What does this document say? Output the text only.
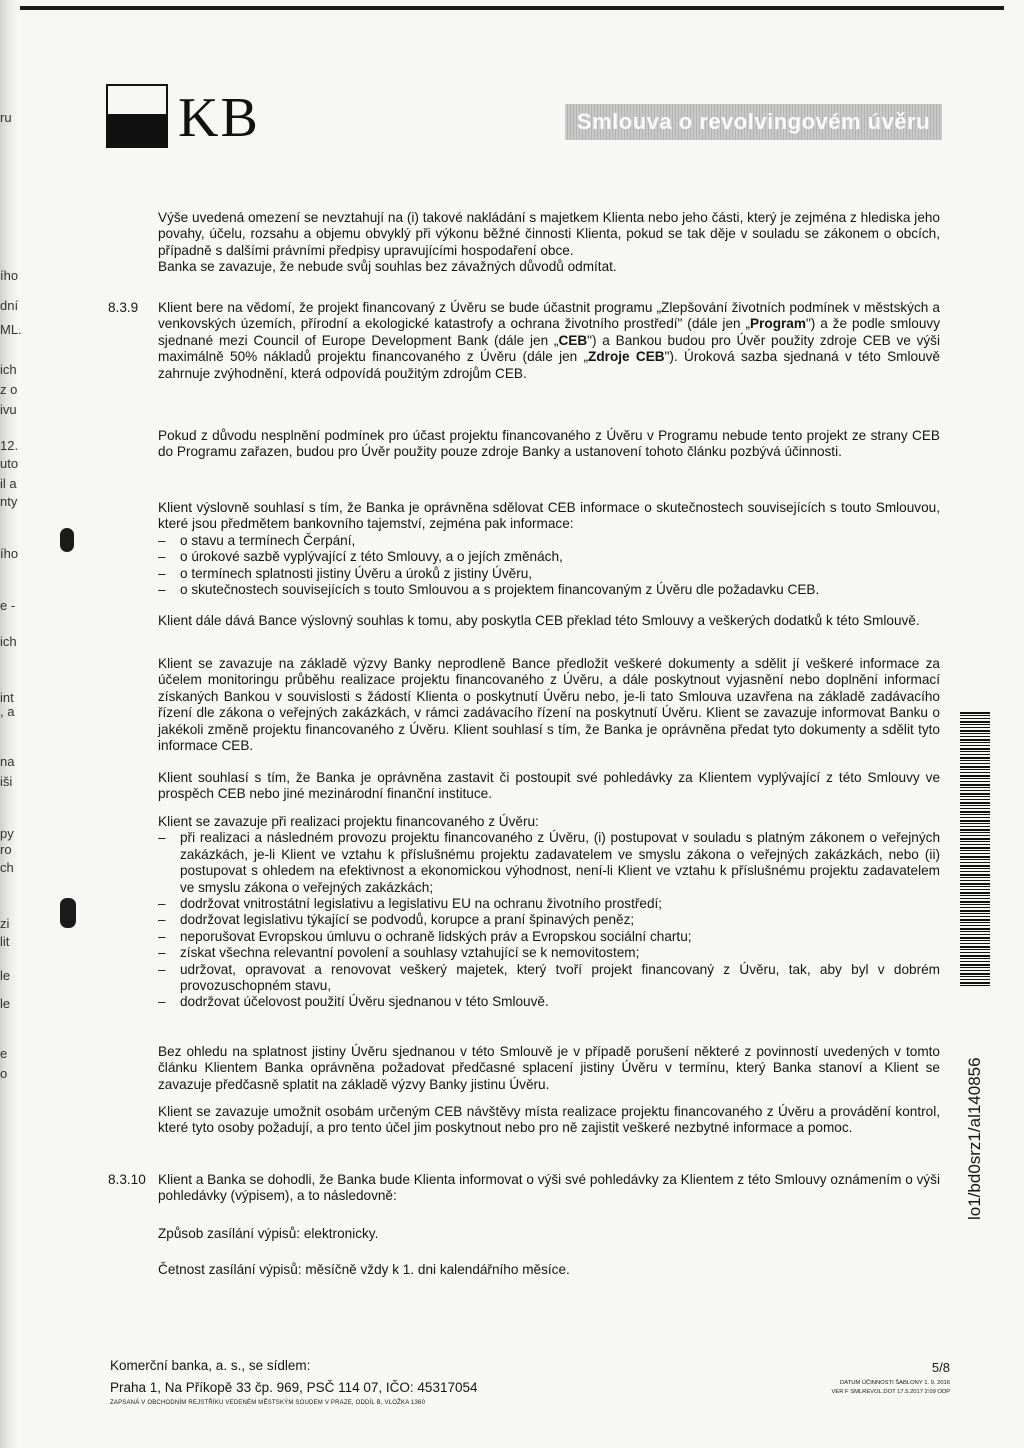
ru
ího
dní
ML.
ich
z o
ivu
12.
uto
il a
nty
ího
e -
ich
int
, a
na
iši
py
ro
ch
zi
lit
le
le
e
o
KB	Smlouva o revolvingovém úvěru
Výše uvedená omezení se nevztahují na (i) takové nakládání s majetkem Klienta nebo jeho části, který je zejména z hlediska jeho povahy, účelu, rozsahu a objemu obvyklý při výkonu běžné činnosti Klienta, pokud se tak děje v souladu se zákonem o obcích, případně s dalšími právními předpisy upravujícími hospodaření obce.
Banka se zavazuje, že nebude svůj souhlas bez závažných důvodů odmítat.
8.3.9 Klient bere na vědomí, že projekt financovaný z Úvěru se bude účastnit programu „Zlepšování životních podmínek v městských a venkovských územích, přírodní a ekologické katastrofy a ochrana životního prostředí" (dále jen „Program") a že podle smlouvy sjednané mezi Council of Europe Development Bank (dále jen „CEB") a Bankou budou pro Úvěr použity zdroje CEB ve výši maximálně 50% nákladů projektu financovaného z Úvěru (dále jen „Zdroje CEB"). Úroková sazba sjednaná v této Smlouvě zahrnuje zvýhodnění, která odpovídá použitým zdrojům CEB.
Pokud z důvodu nesplnění podmínek pro účast projektu financovaného z Úvěru v Programu nebude tento projekt ze strany CEB do Programu zařazen, budou pro Úvěr použity pouze zdroje Banky a ustanovení tohoto článku pozbývá účinnosti.
Klient výslovně souhlasí s tím, že Banka je oprávněna sdělovat CEB informace o skutečnostech souvisejících s touto Smlouvou, které jsou předmětem bankovního tajemství, zejména pak informace:
– o stavu a termínech Čerpání,
– o úrokové sazbě vyplývající z této Smlouvy, a o jejích změnách,
– o termínech splatnosti jistiny Úvěru a úroků z jistiny Úvěru,
– o skutečnostech souvisejících s touto Smlouvou a s projektem financovaným z Úvěru dle požadavku CEB.
Klient dále dává Bance výslovný souhlas k tomu, aby poskytla CEB překlad této Smlouvy a veškerých dodatků k této Smlouvě.
Klient se zavazuje na základě výzvy Banky neprodleně Bance předložit veškeré dokumenty a sdělit jí veškeré informace za účelem monitoringu průběhu realizace projektu financovaného z Úvěru, a dále poskytnout vyjasnění nebo doplnění informací získaných Bankou v souvislosti s žádostí Klienta o poskytnutí Úvěru nebo, je-li tato Smlouva uzavřena na základě zadávacího řízení dle zákona o veřejných zakázkách, v rámci zadávacího řízení na poskytnutí Úvěru. Klient se zavazuje informovat Banku o jakékoli změně projektu financovaného z Úvěru. Klient souhlasí s tím, že Banka je oprávněna předat tyto dokumenty a sdělit tyto informace CEB.
Klient souhlasí s tím, že Banka je oprávněna zastavit či postoupit své pohledávky za Klientem vyplývající z této Smlouvy ve prospěch CEB nebo jiné mezinárodní finanční instituce.
Klient se zavazuje při realizaci projektu financovaného z Úvěru:
– při realizaci a následném provozu projektu financovaného z Úvěru, (i) postupovat v souladu s platným zákonem o veřejných zakázkách, je-li Klient ve vztahu k příslušnému projektu zadavatelem ve smyslu zákona o veřejných zakázkách, nebo (ii) postupovat s ohledem na efektivnost a ekonomickou výhodnost, není-li Klient ve vztahu k příslušnému projektu zadavatelem ve smyslu zákona o veřejných zakázkách;
– dodržovat vnitrostátní legislativu a legislativu EU na ochranu životního prostředí;
– dodržovat legislativu týkající se podvodů, korupce a praní špinavých peněz;
– neporušovat Evropskou úmluvu o ochraně lidských práv a Evropskou sociální chartu;
– získat všechna relevantní povolení a souhlasy vztahující se k nemovitostem;
– udržovat, opravovat a renovovat veškerý majetek, který tvoří projekt financovaný z Úvěru, tak, aby byl v dobrém provozuschopném stavu,
– dodržovat účelovost použití Úvěru sjednanou v této Smlouvě.
Bez ohledu na splatnost jistiny Úvěru sjednanou v této Smlouvě je v případě porušení některé z povinností uvedených v tomto článku Klientem Banka oprávněna požadovat předčasné splacení jistiny Úvěru v termínu, který Banka stanoví a Klient se zavazuje předčasně splatit na základě výzvy Banky jistinu Úvěru.
Klient se zavazuje umožnit osobám určeným CEB návštěvy místa realizace projektu financovaného z Úvěru a provádění kontrol, které tyto osoby požadují, a pro tento účel jim poskytnout nebo pro ně zajistit veškeré nezbytné informace a pomoc.
8.3.10 Klient a Banka se dohodli, že Banka bude Klienta informovat o výši své pohledávky za Klientem z této Smlouvy oznámením o výši pohledávky (výpisem), a to následovně:
Způsob zasílání výpisů: elektronicky.
Četnost zasílání výpisů: měsíčně vždy k 1. dni kalendářního měsíce.
lo1/bd0srz1/al140856
Komerční banka, a. s., se sídlem:
Praha 1, Na Příkopě 33 čp. 969, PSČ 114 07, IČO: 45317054
ZAPSANÁ V OBCHODNÍM REJSTŘÍKU VEDENÉM MĚSTSKÝM SOUDEM V PRAZE, ODDÍL B, VLOŽKA 1360
5/8
DATUM ÚČINNOSTI ŠABLONY 1. 9. 2016
VER F SMLREVOL.DOT 17.5.2017 2:09 ODP
